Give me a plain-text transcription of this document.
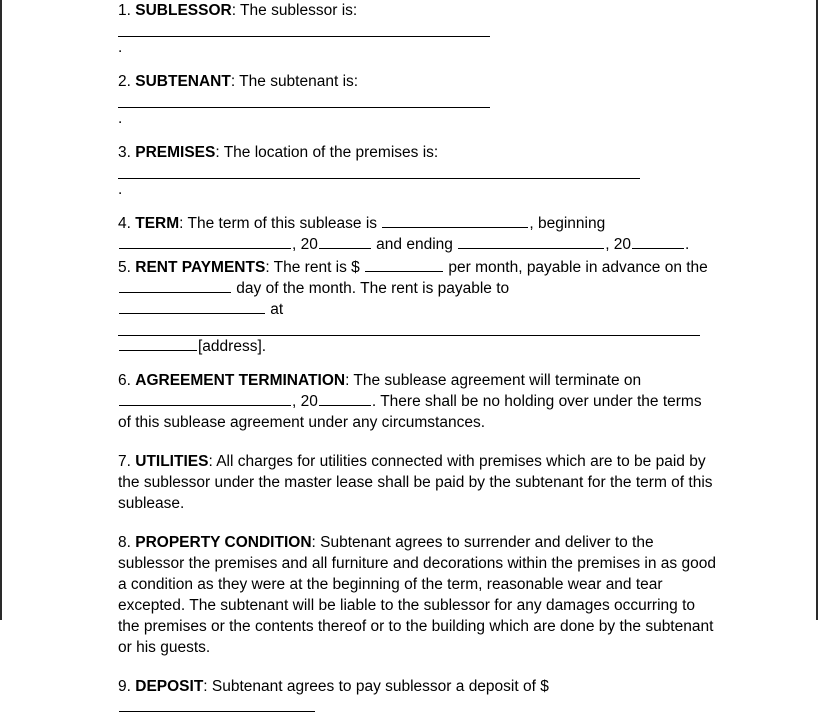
1. SUBLESSOR: The sublessor is:

.

2. SUBTENANT: The subtenant is:

.

3. PREMISES: The location of the premises is:

.

4. TERM: The term of this sublease is	, beginning

, 20	and ending	, 20	.

5. RENT PAYMENTS: The rent is $	per month, payable in advance on the

day of the month. The rent is payable to

at

[address].

6. AGREEMENT TERMINATION: The sublease agreement will terminate on

, 20	. There shall be no holding over under the terms of this sublease agreement under any circumstances.

7. UTILITIES: All charges for utilities connected with premises which are to be paid by the sublessor under the master lease shall be paid by the subtenant for the term of this sublease.

8. PROPERTY CONDITION: Subtenant agrees to surrender and deliver to the sublessor the premises and all furniture and decorations within the premises in as good a condition as they were at the beginning of the term, reasonable wear and tear excepted. The subtenant will be liable to the sublessor for any damages occurring to the premises or the contents thereof or to the building which are done by the subtenant or his guests.

9. DEPOSIT: Subtenant agrees to pay sublessor a deposit of $
